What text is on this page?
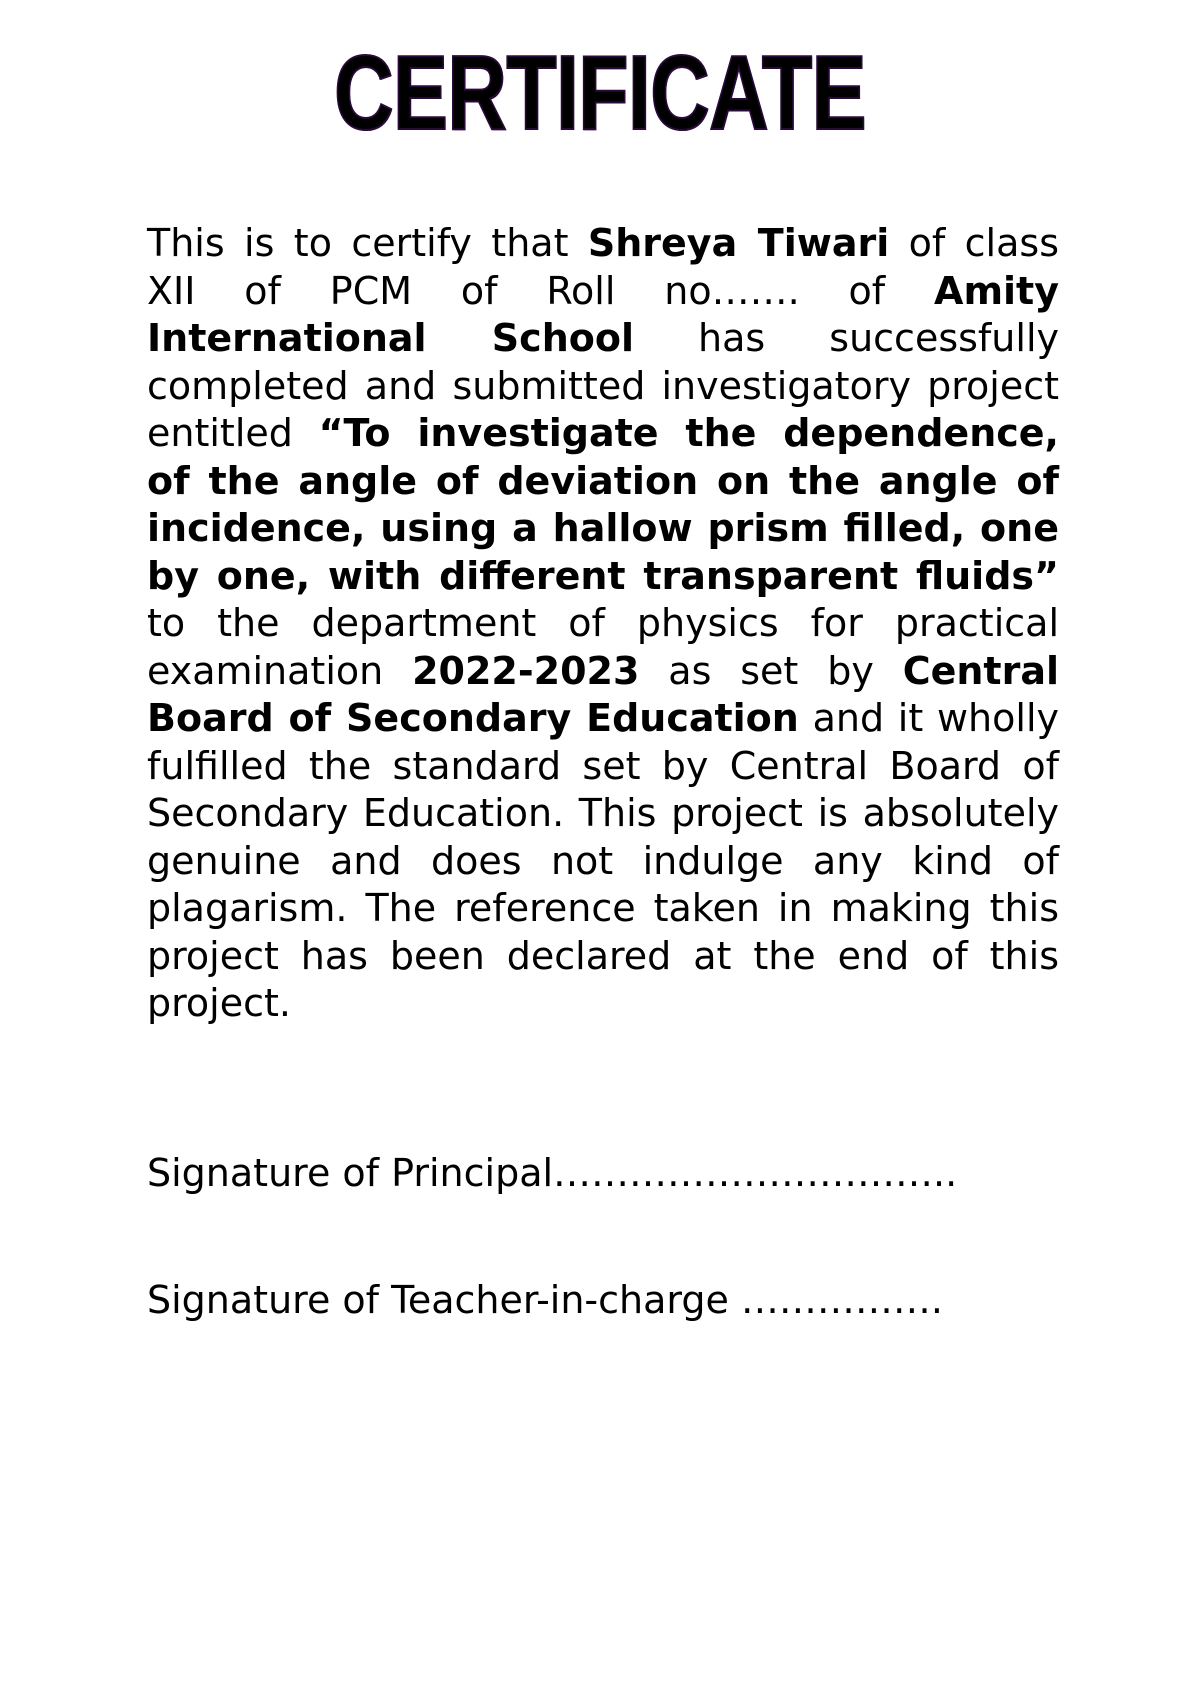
CERTIFICATE

This is to certify that Shreya Tiwari of class XII of PCM of Roll no……. of Amity International School has successfully completed and submitted investigatory project entitled “To investigate the dependence, of the angle of deviation on the angle of incidence, using a hallow prism filled, one by one, with different transparent fluids” to the department of physics for practical examination 2022-2023 as set by Central Board of Secondary Education and it wholly fulfilled the standard set by Central Board of Secondary Education. This project is absolutely genuine and does not indulge any kind of plagarism. The reference taken in making this project has been declared at the end of this project.

Signature of Principal…………………………..
Signature of Teacher-in-charge …………….
